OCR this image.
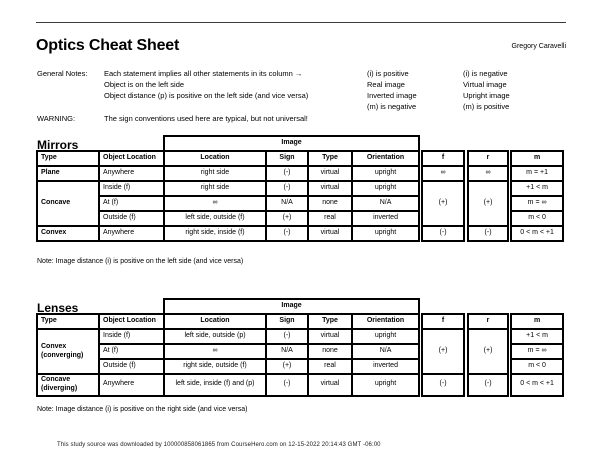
Optics Cheat Sheet	Gregory Caravelli
General Notes: Each statement implies all other statements in its column →
Object is on the left side
Object distance (p) is positive on the left side (and vice versa)
(i) is positive
Real image
Inverted image
(m) is negative
(i) is negative
Virtual image
Upright image
(m) is positive
WARNING:	The sign conventions used here are typical, but not universal!
Mirrors
		Image									
Type	Object Location	Location	Sign	Type	Orientation		f		r		m
Plane	Anywhere	right side	(-)	virtual	upright		∞		∞		m = +1
Concave	Inside (f)	right side	(-)	virtual	upright		(+)		(+)		+1 < m
	At (f)	∞	N/A	none	N/A						m = ∞
	Outside (f)	left side, outside (f)	(+)	real	inverted						m < 0
Convex	Anywhere	right side, inside (f)	(-)	virtual	upright		(-)		(-)		0 < m < +1
Note: Image distance (i) is positive on the left side (and vice versa)
Lenses
		Image									
Type	Object Location	Location	Sign	Type	Orientation		f		r		m
Convex (converging)	Inside (f)	left side, outside (p)	(-)	virtual	upright		(+)		(+)		+1 < m
	At (f)	∞	N/A	none	N/A						m = ∞
	Outside (f)	right side, outside (f)	(+)	real	inverted						m < 0
Concave (diverging)	Anywhere	left side, inside (f) and (p)	(-)	virtual	upright		(-)		(-)		0 < m < +1
Note: Image distance (i) is positive on the right side (and vice versa)
This study source was downloaded by 100000858061865 from CourseHero.com on 12-15-2022 20:14:43 GMT -06:00
